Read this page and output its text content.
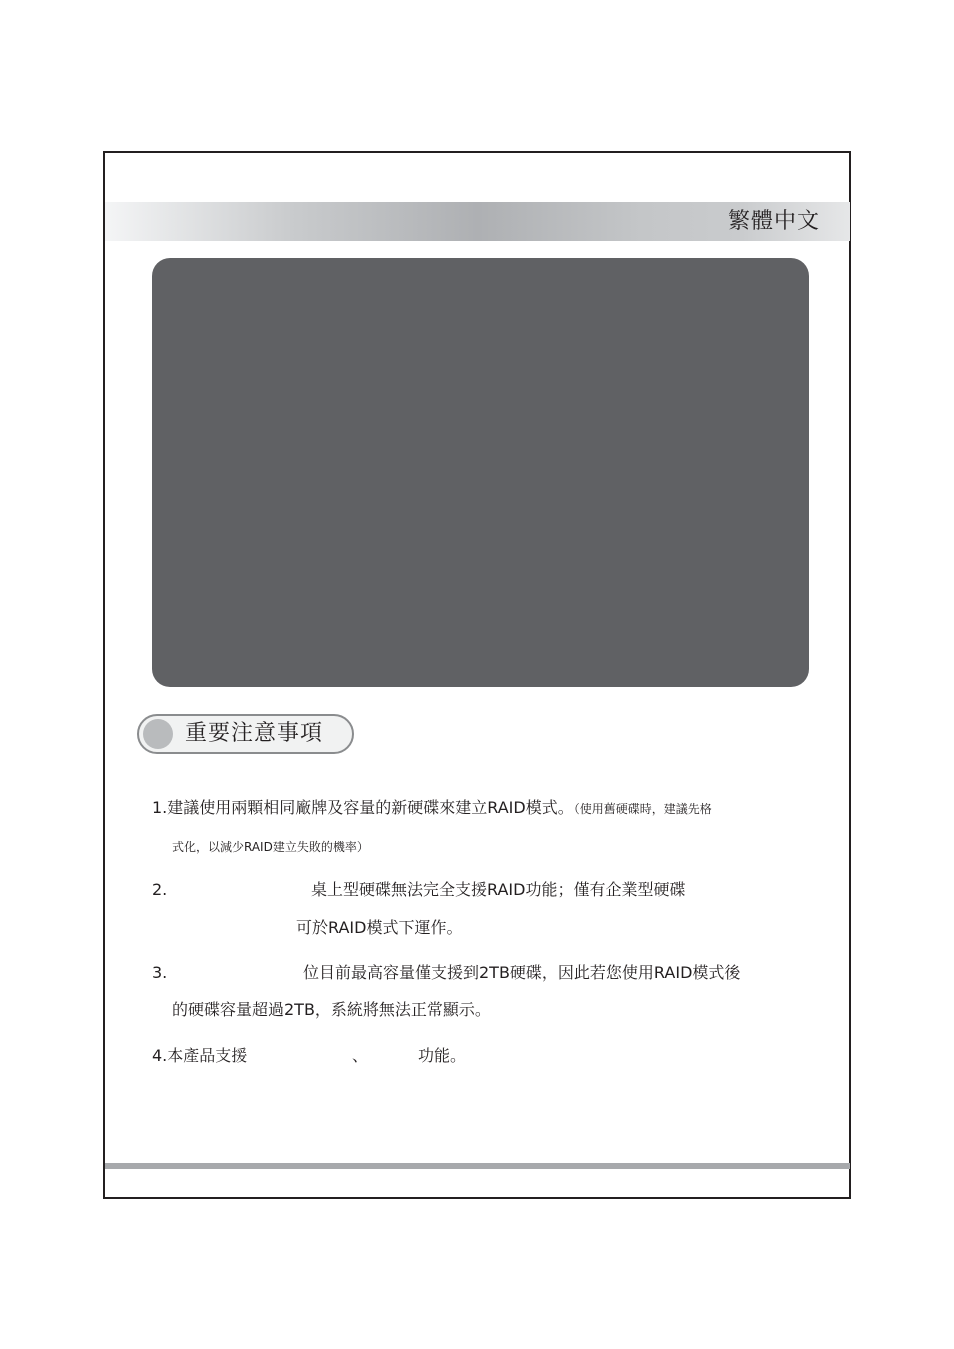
繁體中文
重要注意事項
1.建議使用兩顆相同廠牌及容量的新硬碟來建立RAID模式。（使用舊硬碟時，建議先格
式化，以減少RAID建立失敗的機率）
2.	桌上型硬碟無法完全支援RAID功能；僅有企業型硬碟
可於RAID模式下運作。
3.	位目前最高容量僅支援到2TB硬碟，因此若您使用RAID模式後
的硬碟容量超過2TB，系統將無法正常顯示。
4.本產品支援	、	功能。
